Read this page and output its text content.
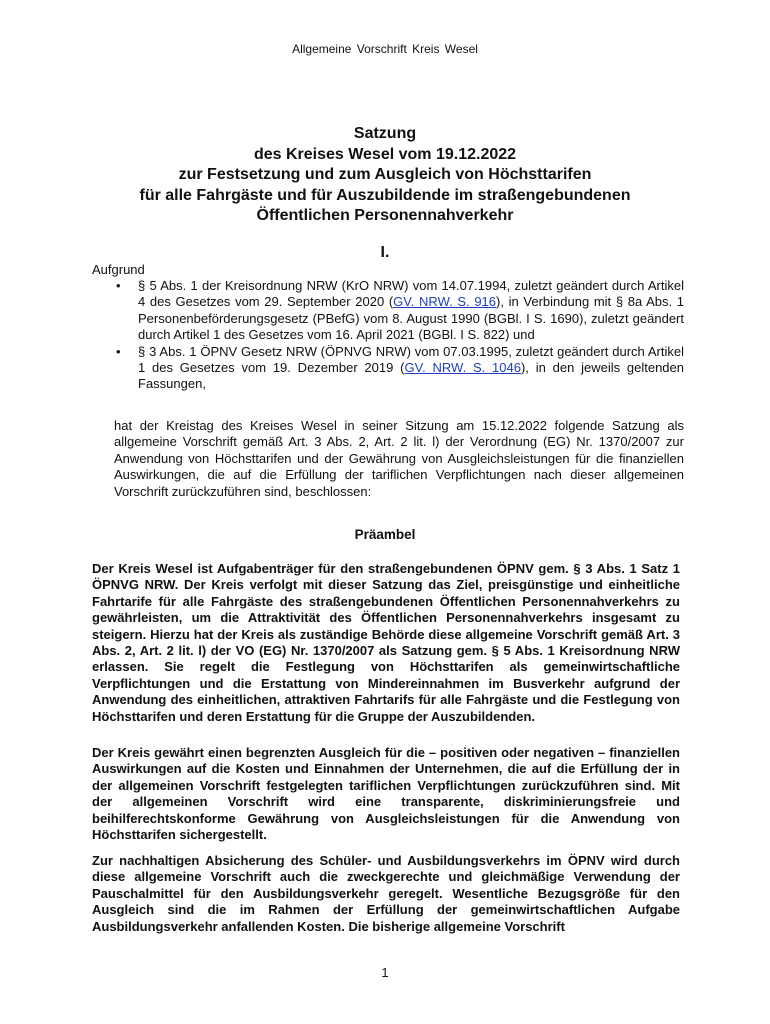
Allgemeine Vorschrift Kreis Wesel
Satzung
des Kreises Wesel vom 19.12.2022
zur Festsetzung und zum Ausgleich von Höchsttarifen
für alle Fahrgäste und für Auszubildende im straßengebundenen
Öffentlichen Personennahverkehr
I.
Aufgrund
• § 5 Abs. 1 der Kreisordnung NRW (KrO NRW) vom 14.07.1994, zuletzt geändert durch Artikel 4 des Gesetzes vom 29. September 2020 (GV. NRW. S. 916), in Verbindung mit § 8a Abs. 1 Personenbeförderungsgesetz (PBefG) vom 8. August 1990 (BGBl. I S. 1690), zuletzt geändert durch Artikel 1 des Gesetzes vom 16. April 2021 (BGBl. I S. 822) und
• § 3 Abs. 1 ÖPNV Gesetz NRW (ÖPNVG NRW) vom 07.03.1995, zuletzt geändert durch Artikel 1 des Gesetzes vom 19. Dezember 2019 (GV. NRW. S. 1046), in den jeweils geltenden Fassungen,
hat der Kreistag des Kreises Wesel in seiner Sitzung am 15.12.2022 folgende Satzung als allgemeine Vorschrift gemäß Art. 3 Abs. 2, Art. 2 lit. l) der Verordnung (EG) Nr. 1370/2007 zur Anwendung von Höchsttarifen und der Gewährung von Ausgleichsleistungen für die finanziellen Auswirkungen, die auf die Erfüllung der tariflichen Verpflichtungen nach dieser allgemeinen Vorschrift zurückzuführen sind, beschlossen:
Präambel

Der Kreis Wesel ist Aufgabenträger für den straßengebundenen ÖPNV gem. § 3 Abs. 1 Satz 1 ÖPNVG NRW. Der Kreis verfolgt mit dieser Satzung das Ziel, preisgünstige und einheitliche Fahrtarife für alle Fahrgäste des straßengebundenen Öffentlichen Personennahverkehrs zu gewährleisten, um die Attraktivität des Öffentlichen Personennahverkehrs insgesamt zu steigern. Hierzu hat der Kreis als zuständige Behörde diese allgemeine Vorschrift gemäß Art. 3 Abs. 2, Art. 2 lit. l) der VO (EG) Nr. 1370/2007 als Satzung gem. § 5 Abs. 1 Kreisordnung NRW erlassen. Sie regelt die Festlegung von Höchsttarifen als gemeinwirtschaftliche Verpflichtungen und die Erstattung von Mindereinnahmen im Busverkehr aufgrund der Anwendung des einheitlichen, attraktiven Fahrtarifs für alle Fahrgäste und die Festlegung von Höchsttarifen und deren Erstattung für die Gruppe der Auszubildenden.

Der Kreis gewährt einen begrenzten Ausgleich für die – positiven oder negativen – finanziellen Auswirkungen auf die Kosten und Einnahmen der Unternehmen, die auf die Erfüllung der in der allgemeinen Vorschrift festgelegten tariflichen Verpflichtungen zurückzuführen sind. Mit der allgemeinen Vorschrift wird eine transparente, diskriminierungsfreie und beihilferechtskonforme Gewährung von Ausgleichsleistungen für die Anwendung von Höchsttarifen sichergestellt.

Zur nachhaltigen Absicherung des Schüler- und Ausbildungsverkehrs im ÖPNV wird durch diese allgemeine Vorschrift auch die zweckgerechte und gleichmäßige Verwendung der Pauschalmittel für den Ausbildungsverkehr geregelt. Wesentliche Bezugsgröße für den Ausgleich sind die im Rahmen der Erfüllung der gemeinwirtschaftlichen Aufgabe Ausbildungsverkehr anfallenden Kosten. Die bisherige allgemeine Vorschrift

1
